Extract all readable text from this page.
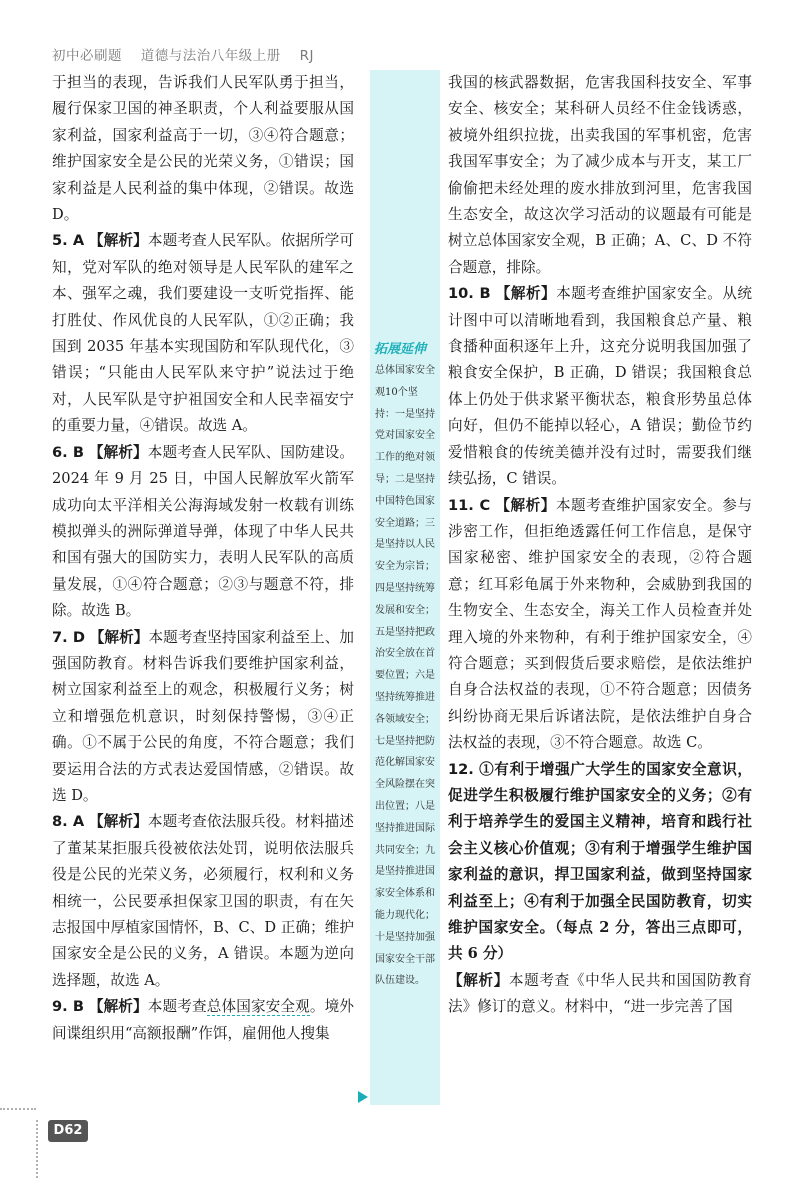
初中必刷题 道德与法治八年级上册 RJ

于担当的表现，告诉我们人民军队勇于担当，履行保家卫国的神圣职责，个人利益要服从国家利益，国家利益高于一切，③④符合题意；维护国家安全是公民的光荣义务，①错误；国家利益是人民利益的集中体现，②错误。故选 D。

5. A 【解析】本题考查人民军队。依据所学可知，党对军队的绝对领导是人民军队的建军之本、强军之魂，我们要建设一支听党指挥、能打胜仗、作风优良的人民军队，①②正确；我国到 2035 年基本实现国防和军队现代化，③错误；“只能由人民军队来守护”说法过于绝对，人民军队是守护祖国安全和人民幸福安宁的重要力量，④错误。故选 A。

6. B 【解析】本题考查人民军队、国防建设。2024 年 9 月 25 日，中国人民解放军火箭军成功向太平洋相关公海海域发射一枚载有训练模拟弹头的洲际弹道导弹，体现了中华人民共和国有强大的国防实力，表明人民军队的高质量发展，①④符合题意；②③与题意不符，排除。故选 B。

7. D 【解析】本题考查坚持国家利益至上、加强国防教育。材料告诉我们要维护国家利益，树立国家利益至上的观念，积极履行义务；树立和增强危机意识，时刻保持警惕，③④正确。①不属于公民的角度，不符合题意；我们要运用合法的方式表达爱国情感，②错误。故选 D。

8. A 【解析】本题考查依法服兵役。材料描述了董某某拒服兵役被依法处罚，说明依法服兵役是公民的光荣义务，必须履行，权利和义务相统一，公民要承担保家卫国的职责，有在矢志报国中厚植家国情怀，B、C、D 正确；维护国家安全是公民的义务，A 错误。本题为逆向选择题，故选 A。

9. B 【解析】本题考查总体国家安全观。境外间谍组织用“高额报酬”作饵，雇佣他人搜集

拓展延伸
总体国家安全观10个坚持：一是坚持党对国家安全工作的绝对领导；二是坚持中国特色国家安全道路；三是坚持以人民安全为宗旨；四是坚持统筹发展和安全；五是坚持把政治安全放在首要位置；六是坚持统筹推进各领域安全；七是坚持把防范化解国家安全风险摆在突出位置；八是坚持推进国际共同安全；九是坚持推进国家安全体系和能力现代化；十是坚持加强国家安全干部队伍建设。

我国的核武器数据，危害我国科技安全、军事安全、核安全；某科研人员经不住金钱诱惑，被境外组织拉拢，出卖我国的军事机密，危害我国军事安全；为了减少成本与开支，某工厂偷偷把未经处理的废水排放到河里，危害我国生态安全，故这次学习活动的议题最有可能是树立总体国家安全观，B 正确；A、C、D 不符合题意，排除。

10. B 【解析】本题考查维护国家安全。从统计图中可以清晰地看到，我国粮食总产量、粮食播种面积逐年上升，这充分说明我国加强了粮食安全保护，B 正确，D 错误；我国粮食总体上仍处于供求紧平衡状态，粮食形势虽总体向好，但仍不能掉以轻心，A 错误；勤俭节约爱惜粮食的传统美德并没有过时，需要我们继续弘扬，C 错误。

11. C 【解析】本题考查维护国家安全。参与涉密工作，但拒绝透露任何工作信息，是保守国家秘密、维护国家安全的表现，②符合题意；红耳彩龟属于外来物种，会威胁到我国的生物安全、生态安全，海关工作人员检查并处理入境的外来物种，有利于维护国家安全，④符合题意；买到假货后要求赔偿，是依法维护自身合法权益的表现，①不符合题意；因债务纠纷协商无果后诉诸法院，是依法维护自身合法权益的表现，③不符合题意。故选 C。

12. ①有利于增强广大学生的国家安全意识，促进学生积极履行维护国家安全的义务；②有利于培养学生的爱国主义精神，培育和践行社会主义核心价值观；③有利于增强学生维护国家利益的意识，捍卫国家利益，做到坚持国家利益至上；④有利于加强全民国防教育，切实维护国家安全。（每点 2 分，答出三点即可，共 6 分）

【解析】本题考查《中华人民共和国国防教育法》修订的意义。材料中，“进一步完善了国

D62
